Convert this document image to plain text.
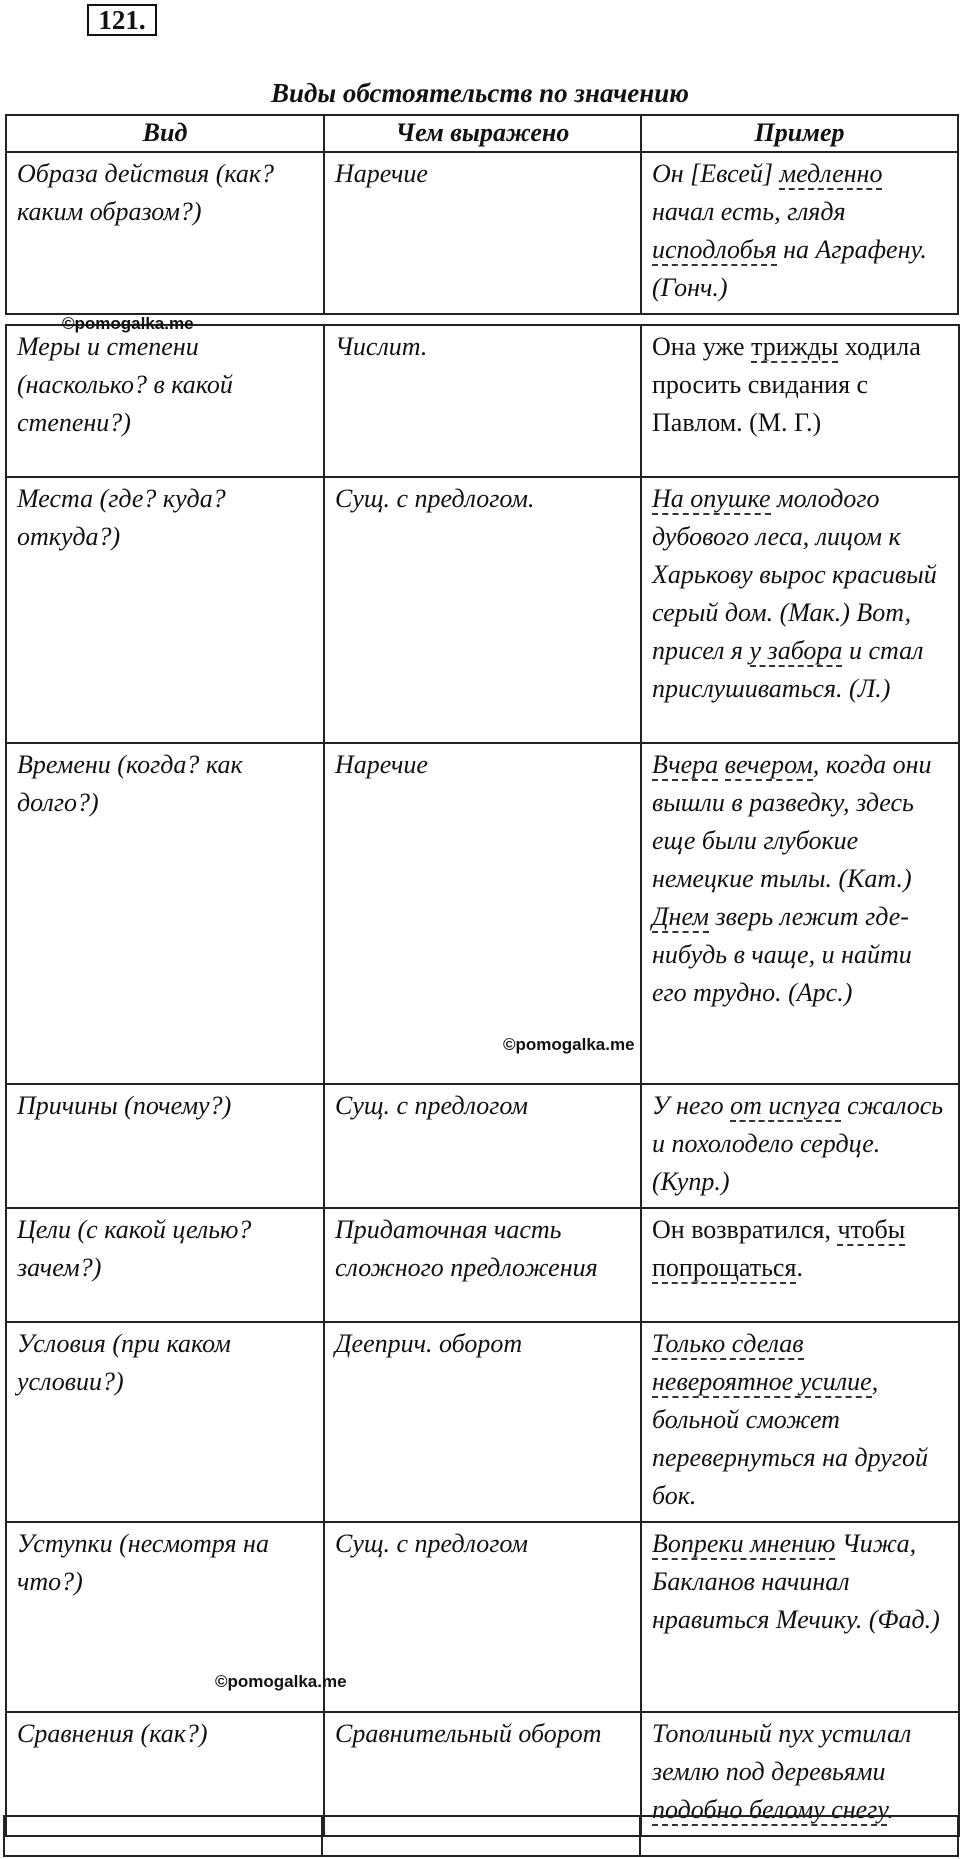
121.
Виды обстоятельств по значению
Вид	Чем выражено	Пример
Образа действия (как? каким образом?)	Наречие	Он [Евсей] медленно начал есть, глядя исподлобья на Аграфену. (Гонч.)
Меры и степени (насколько? в какой степени?)	Числит.	Она уже трижды ходила просить свидания с Павлом. (М. Г.)
Места (где? куда? откуда?)	Сущ. с предлогом.	На опушке молодого дубового леса, лицом к Харькову вырос красивый серый дом. (Мак.) Вот, присел я у забора и стал прислушиваться. (Л.)
Времени (когда? как долго?)	Наречие	Вчера вечером, когда они вышли в разведку, здесь еще были глубокие немецкие тылы. (Кат.) Днем зверь лежит где-нибудь в чаще, и найти его трудно. (Арс.)
Причины (почему?)	Сущ. с предлогом	У него от испуга сжалось и похолодело сердце. (Купр.)
Цели (с какой целью? зачем?)	Придаточная часть сложного предложения	Он возвратился, чтобы попрощаться.
Условия (при каком условии?)	Дееприч. оборот	Только сделав невероятное усилие, больной сможет перевернуться на другой бок.
Уступки (несмотря на что?)	Сущ. с предлогом	Вопреки мнению Чижа, Бакланов начинал нравиться Мечику. (Фад.)
Сравнения (как?)	Сравнительный оборот	Тополиный пух устилал землю под деревьями подобно белому снегу.

©pomogalka.me
©pomogalka.me
©pomogalka.me
